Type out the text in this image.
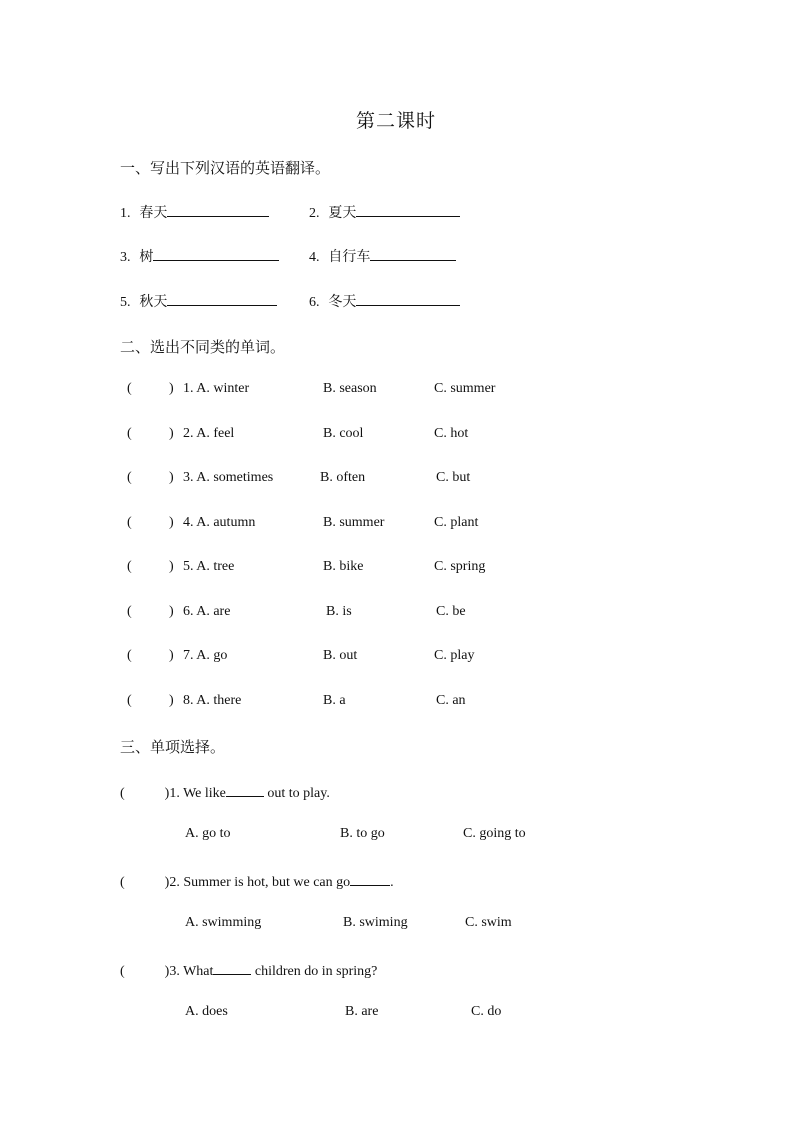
第二课时
一、写出下列汉语的英语翻译。
1. 春天	2. 夏天
3. 树	4. 自行车
5. 秋天	6. 冬天
二、选出不同类的单词。
(	) 1. A. winter	B. season	C. summer
(	) 2. A. feel	B. cool	C. hot
(	) 3. A. sometimes	B. often	C. but
(	) 4. A. autumn	B. summer	C. plant
(	) 5. A. tree	B. bike	C. spring
(	) 6. A. are	B. is	C. be
(	) 7. A. go	B. out	C. play
(	) 8. A. there	B. a	C. an
三、单项选择。
(	)1. We like	out to play.
A. go to	B. to go	C. going to
(	)2. Summer is hot, but we can go	.
A. swimming	B. swiming	C. swim
(	)3. What	children do in spring?
A. does	B. are	C. do
